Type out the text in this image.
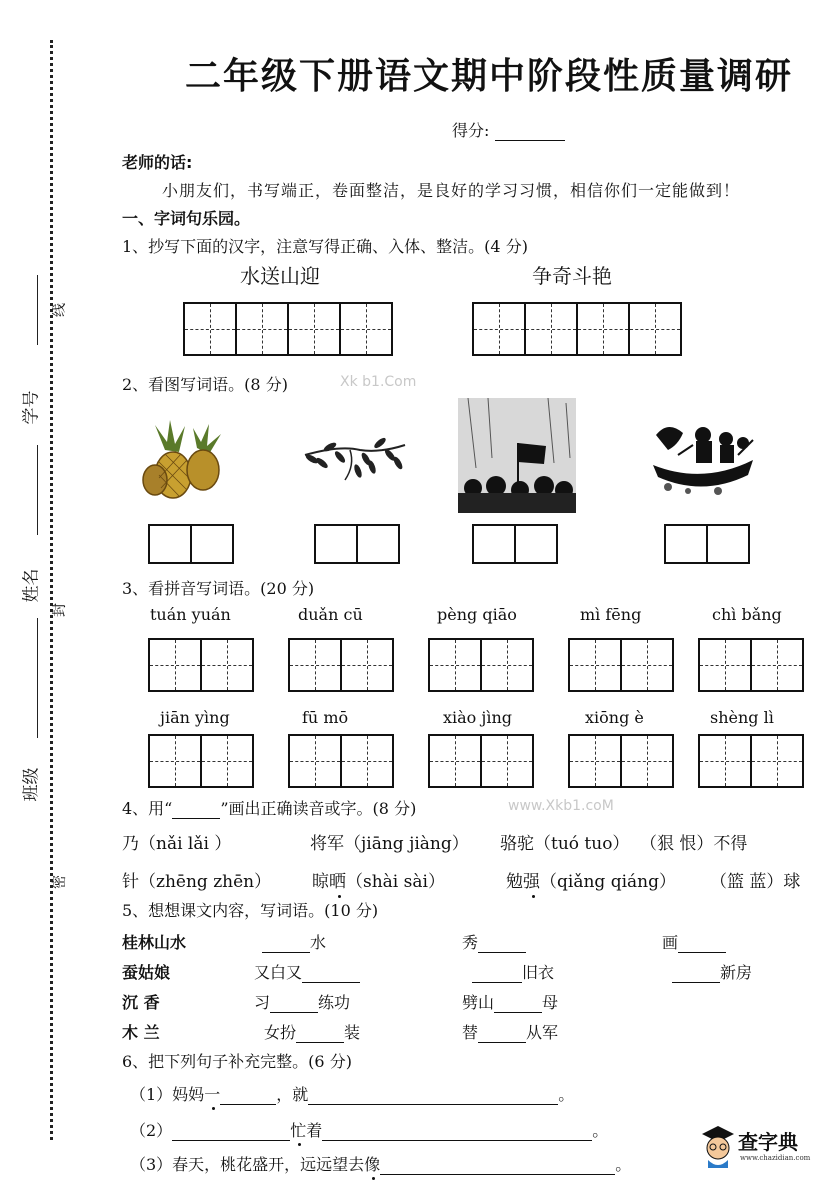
学号
姓名
班级
线
封
密
二年级下册语文期中阶段性质量调研
得分:
老师的话:
小朋友们，书写端正，卷面整洁，是良好的学习习惯，相信你们一定能做到！
一、字词句乐园。
1、抄写下面的汉字，注意写得正确、入体、整洁。(4 分)
水送山迎	争奇斗艳
2、看图写词语。(8 分)	Xk b1.Com
3、看拼音写词语。(20 分)
tuán yuán	duǎn cū	pèng qiāo	mì fēng	chì bǎng
jiān yìng	fū mō	xiào jìng	xiōng è	shèng lì
4、用“	”画出正确读音或字。(8 分)	www.Xkb1.coM
乃（nǎi lǎi ）	将军（jiāng jiàng） 骆驼（tuó tuo） （狠 恨）不得
针（zhēng zhēn） 晾晒（shài sài）	勉强（qiǎng qiáng） （篮 蓝）球
5、想想课文内容，写词语。(10 分)
桂林山水	水	秀	画
蚕姑娘	又白又	旧衣	新房
沉 香	习	练功	劈山	母
木 兰	女扮	装	替	从军
6、把下列句子补充完整。(6 分)
（1）妈妈一	，就	。
（2）	忙着	。
（3）春天，桃花盛开，远远望去像	。
查字典
www.chazidian.com
